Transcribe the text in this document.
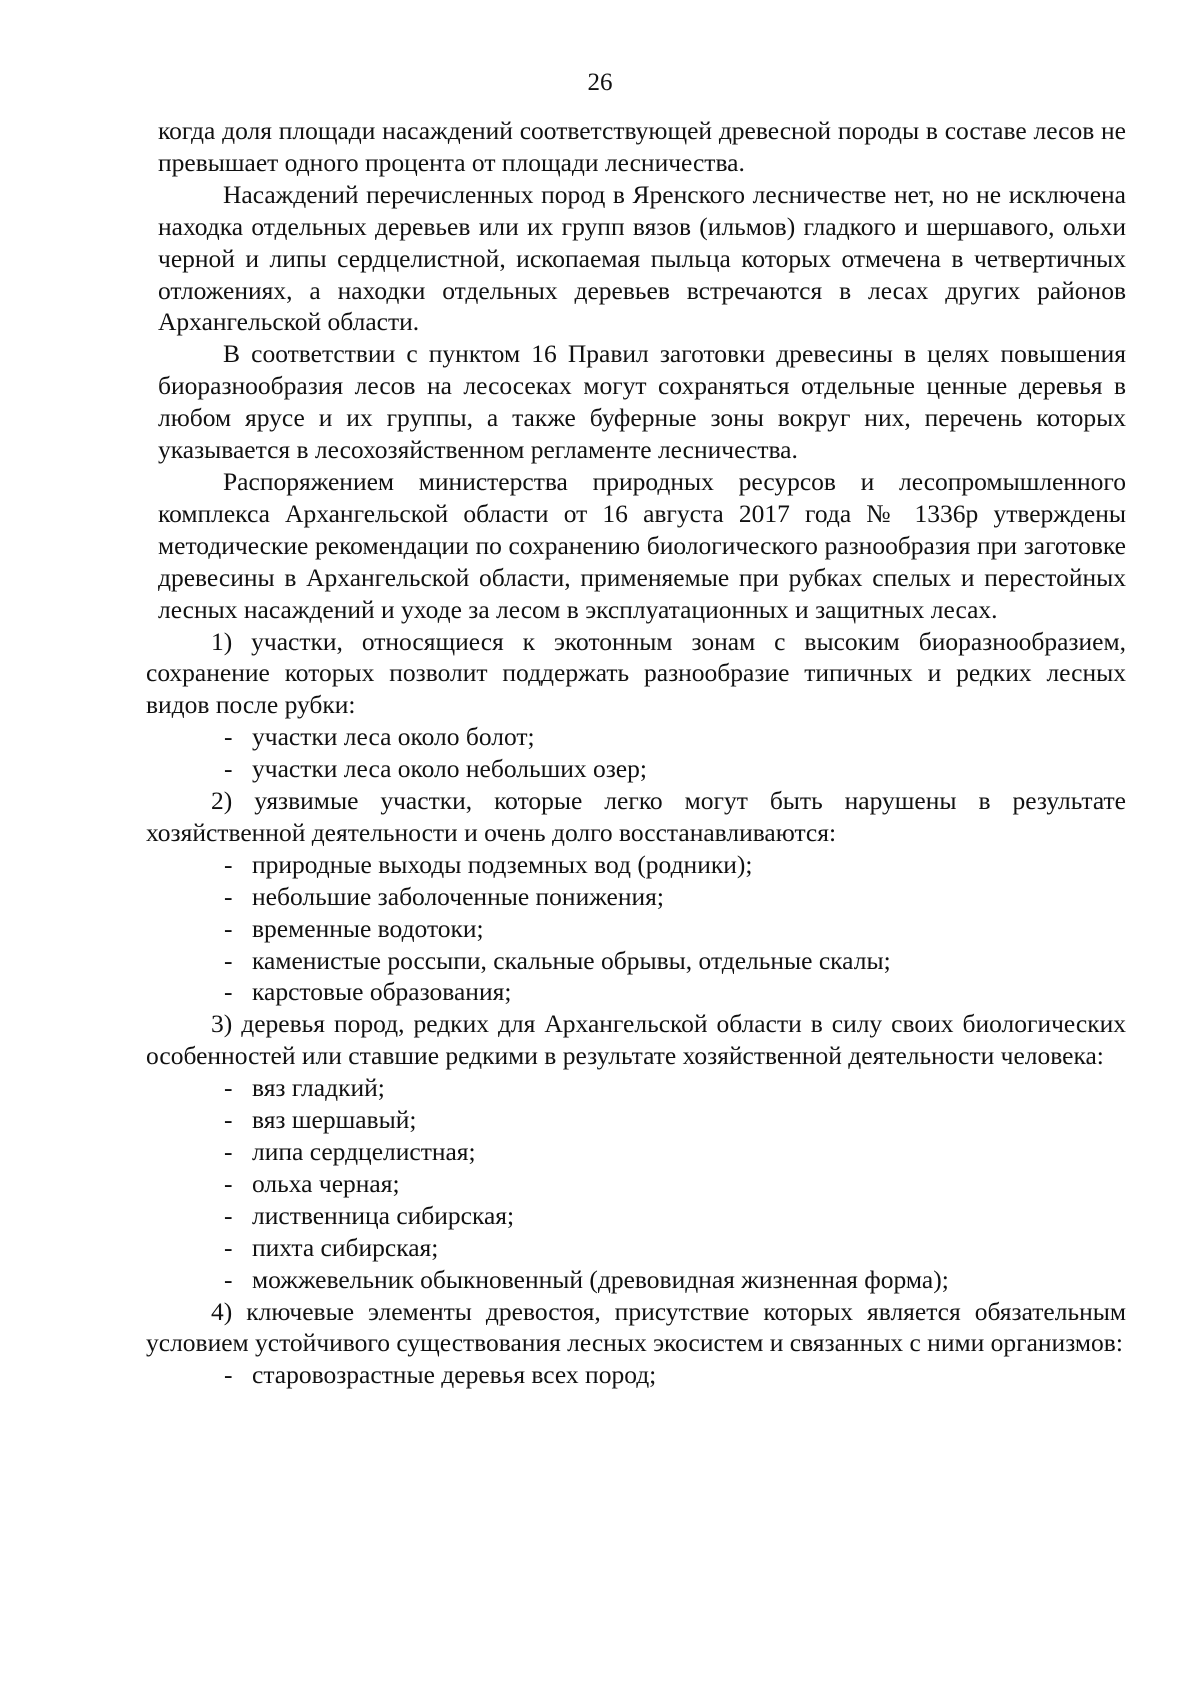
26

когда доля площади насаждений соответствующей древесной породы в составе лесов не превышает одного процента от площади лесничества.

Насаждений перечисленных пород в Яренского лесничестве нет, но не исключена находка отдельных деревьев или их групп вязов (ильмов) гладкого и шершавого, ольхи черной и липы сердцелистной, ископаемая пыльца которых отмечена в четвертичных отложениях, а находки отдельных деревьев встречаются в лесах других районов Архангельской области.

В соответствии с пунктом 16 Правил заготовки древесины в целях повышения биоразнообразия лесов на лесосеках могут сохраняться отдельные ценные деревья в любом ярусе и их группы, а также буферные зоны вокруг них, перечень которых указывается в лесохозяйственном регламенте лесничества.

Распоряжением министерства природных ресурсов и лесопромышленного комплекса Архангельской области от 16 августа 2017 года № 1336р утверждены методические рекомендации по сохранению биологического разнообразия при заготовке древесины в Архангельской области, применяемые при рубках спелых и перестойных лесных насаждений и уходе за лесом в эксплуатационных и защитных лесах.

1) участки, относящиеся к экотонным зонам с высоким биоразнообразием, сохранение которых позволит поддержать разнообразие типичных и редких лесных видов после рубки:

- участки леса около болот;

- участки леса около небольших озер;

2) уязвимые участки, которые легко могут быть нарушены в результате хозяйственной деятельности и очень долго восстанавливаются:

- природные выходы подземных вод (родники);

- небольшие заболоченные понижения;

- временные водотоки;

- каменистые россыпи, скальные обрывы, отдельные скалы;

- карстовые образования;

3) деревья пород, редких для Архангельской области в силу своих биологических особенностей или ставшие редкими в результате хозяйственной деятельности человека:

- вяз гладкий;

- вяз шершавый;

- липа сердцелистная;

- ольха черная;

- лиственница сибирская;

- пихта сибирская;

- можжевельник обыкновенный (древовидная жизненная форма);

4) ключевые элементы древостоя, присутствие которых является обязательным условием устойчивого существования лесных экосистем и связанных с ними организмов:

- старовозрастные деревья всех пород;
